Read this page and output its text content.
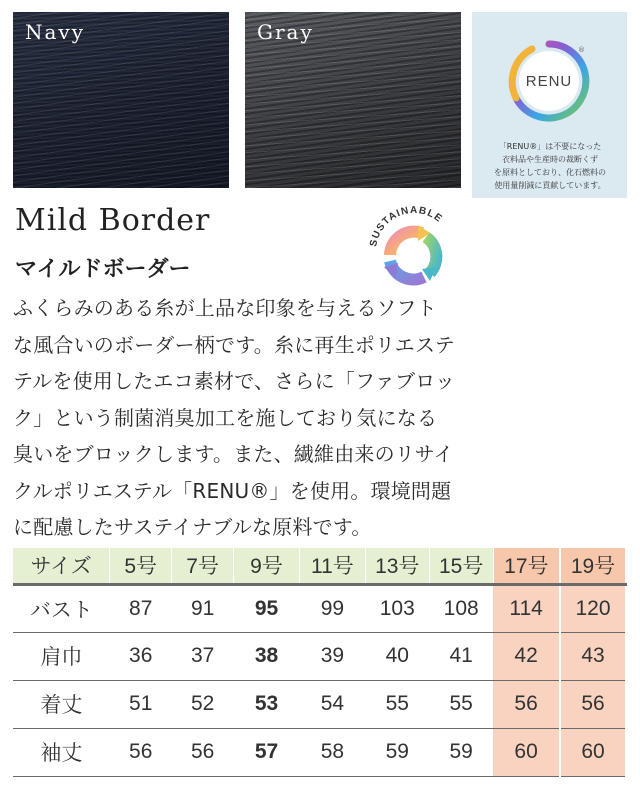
Navy	Gray
RENU
®
「RENU®」は不要になった
衣料品や生産時の裁断くず
を原料としており、化石燃料の
使用量削減に貢献しています。
Mild Border
マイルドボーダー
SUSTAINABLE
ふくらみのある糸が上品な印象を与えるソフト
な風合いのボーダー柄です。糸に再生ポリエステ
テルを使用したエコ素材で、さらに「ファブロッ
ク」という制菌消臭加工を施しており気になる
臭いをブロックします。また、繊維由来のリサイ
クルポリエステル「RENU®」を使用。環境問題
に配慮したサステイナブルな原料です。
サイズ	5号	7号	9号	11号	13号	15号	17号	19号
バスト	87	91	95	99	103	108	114	120
肩巾	36	37	38	39	40	41	42	43
着丈	51	52	53	54	55	55	56	56
袖丈	56	56	57	58	59	59	60	60
